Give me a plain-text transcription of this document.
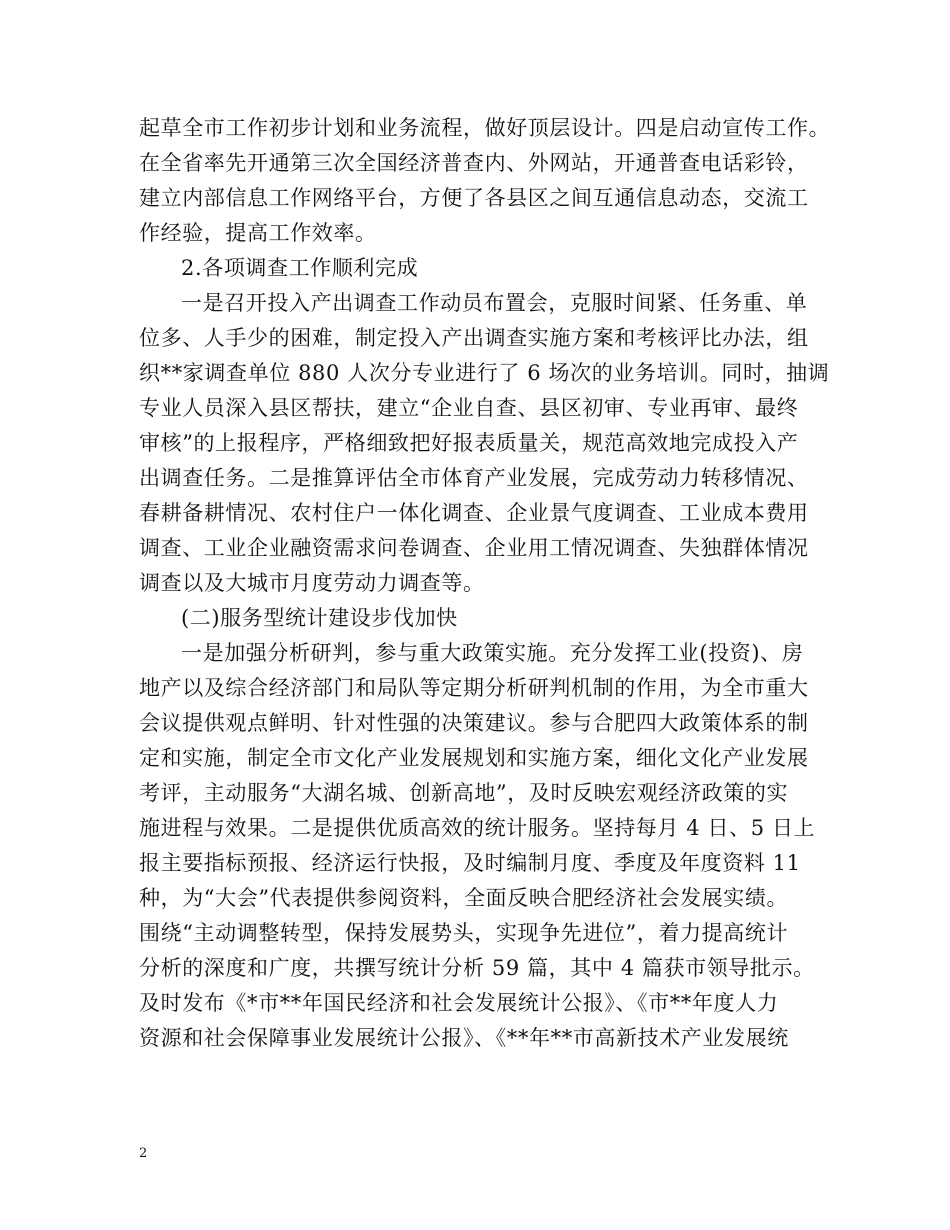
起草全市工作初步计划和业务流程，做好顶层设计。四是启动宣传工作。
在全省率先开通第三次全国经济普查内、外网站，开通普查电话彩铃，
建立内部信息工作网络平台，方便了各县区之间互通信息动态，交流工
作经验，提高工作效率。
2.各项调查工作顺利完成
一是召开投入产出调查工作动员布置会，克服时间紧、任务重、单
位多、人手少的困难，制定投入产出调查实施方案和考核评比办法，组
织**家调查单位 880 人次分专业进行了 6 场次的业务培训。同时，抽调
专业人员深入县区帮扶，建立“企业自查、县区初审、专业再审、最终
审核”的上报程序，严格细致把好报表质量关，规范高效地完成投入产
出调查任务。二是推算评估全市体育产业发展，完成劳动力转移情况、
春耕备耕情况、农村住户一体化调查、企业景气度调查、工业成本费用
调查、工业企业融资需求问卷调查、企业用工情况调查、失独群体情况
调查以及大城市月度劳动力调查等。
(二)服务型统计建设步伐加快
一是加强分析研判，参与重大政策实施。充分发挥工业(投资)、房
地产以及综合经济部门和局队等定期分析研判机制的作用，为全市重大
会议提供观点鲜明、针对性强的决策建议。参与合肥四大政策体系的制
定和实施，制定全市文化产业发展规划和实施方案，细化文化产业发展
考评，主动服务“大湖名城、创新高地”，及时反映宏观经济政策的实
施进程与效果。二是提供优质高效的统计服务。坚持每月 4 日、5 日上
报主要指标预报、经济运行快报，及时编制月度、季度及年度资料 11
种，为“大会”代表提供参阅资料，全面反映合肥经济社会发展实绩。
围绕“主动调整转型，保持发展势头，实现争先进位”，着力提高统计
分析的深度和广度，共撰写统计分析 59 篇，其中 4 篇获市领导批示。
及时发布《*市**年国民经济和社会发展统计公报》、《市**年度人力
资源和社会保障事业发展统计公报》、《**年**市高新技术产业发展统
2
